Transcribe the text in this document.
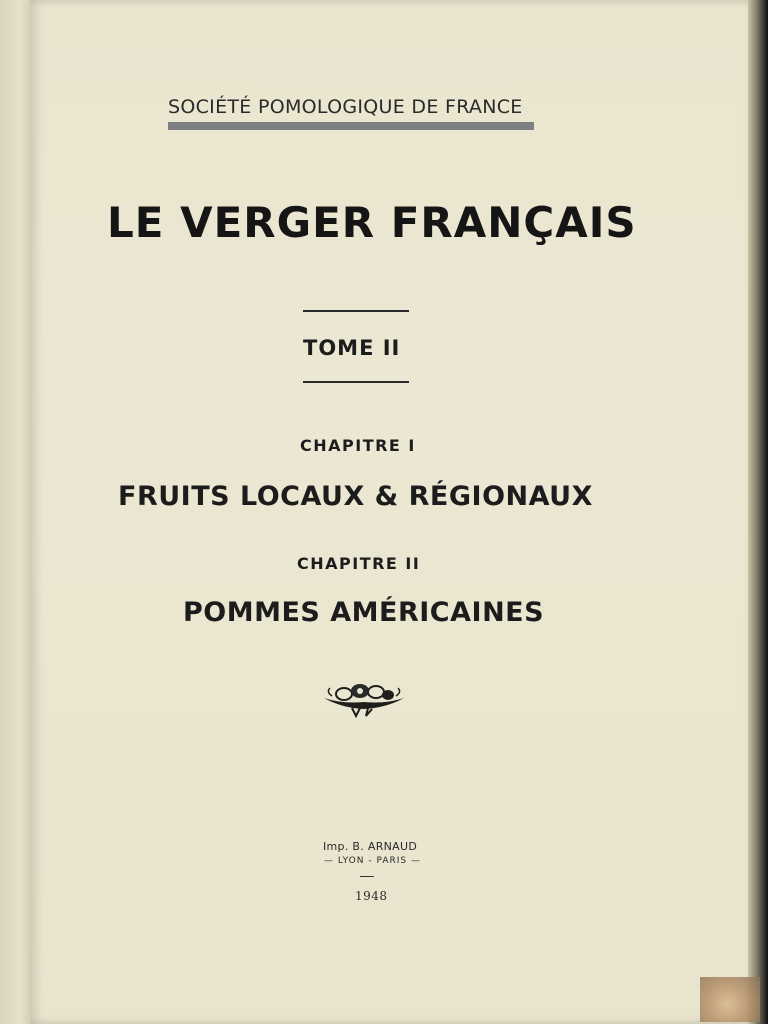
SOCIÉTÉ POMOLOGIQUE DE FRANCE
LE VERGER FRANÇAIS
TOME II
CHAPITRE I
FRUITS LOCAUX & RÉGIONAUX
CHAPITRE II
POMMES AMÉRICAINES
Imp. B. ARNAUD
— LYON - PARIS —
1948
